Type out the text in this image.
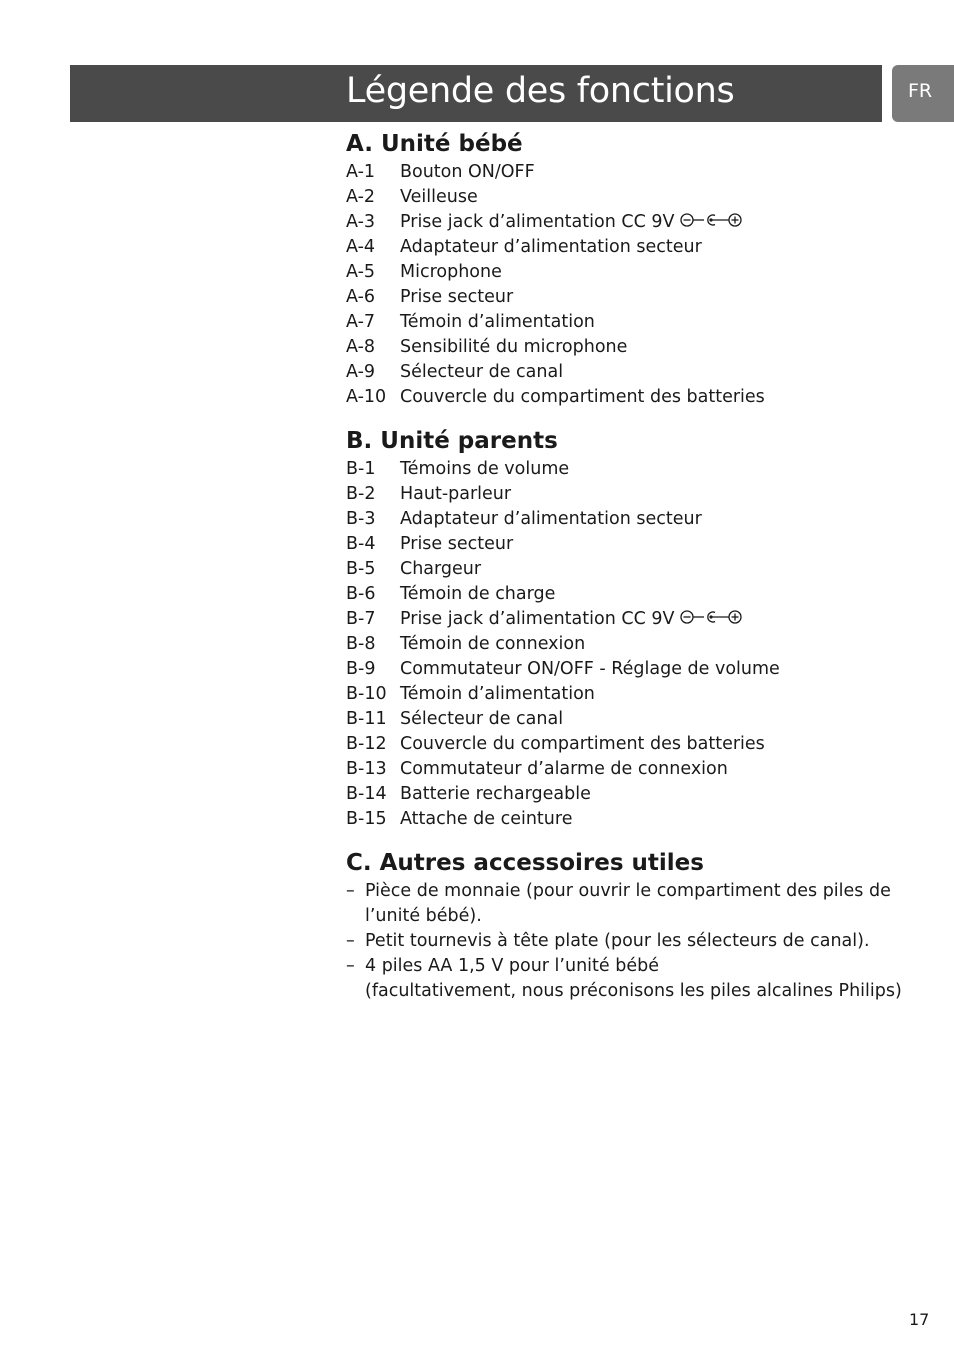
Légende des fonctions	FR
A. Unité bébé
A-1 Bouton ON/OFF
A-2 Veilleuse
A-3 Prise jack d’alimentation CC 9V
A-4 Adaptateur d’alimentation secteur
A-5 Microphone
A-6 Prise secteur
A-7 Témoin d’alimentation
A-8 Sensibilité du microphone
A-9 Sélecteur de canal
A-10 Couvercle du compartiment des batteries
B. Unité parents
B-1 Témoins de volume
B-2 Haut-parleur
B-3 Adaptateur d’alimentation secteur
B-4 Prise secteur
B-5 Chargeur
B-6 Témoin de charge
B-7 Prise jack d’alimentation CC 9V
B-8 Témoin de connexion
B-9 Commutateur ON/OFF - Réglage de volume
B-10 Témoin d’alimentation
B-11 Sélecteur de canal
B-12 Couvercle du compartiment des batteries
B-13 Commutateur d’alarme de connexion
B-14 Batterie rechargeable
B-15 Attache de ceinture
C. Autres accessoires utiles
– Pièce de monnaie (pour ouvrir le compartiment des piles de
l’unité bébé).
– Petit tournevis à tête plate (pour les sélecteurs de canal).
– 4 piles AA 1,5 V pour l’unité bébé
(facultativement, nous préconisons les piles alcalines Philips)
17
